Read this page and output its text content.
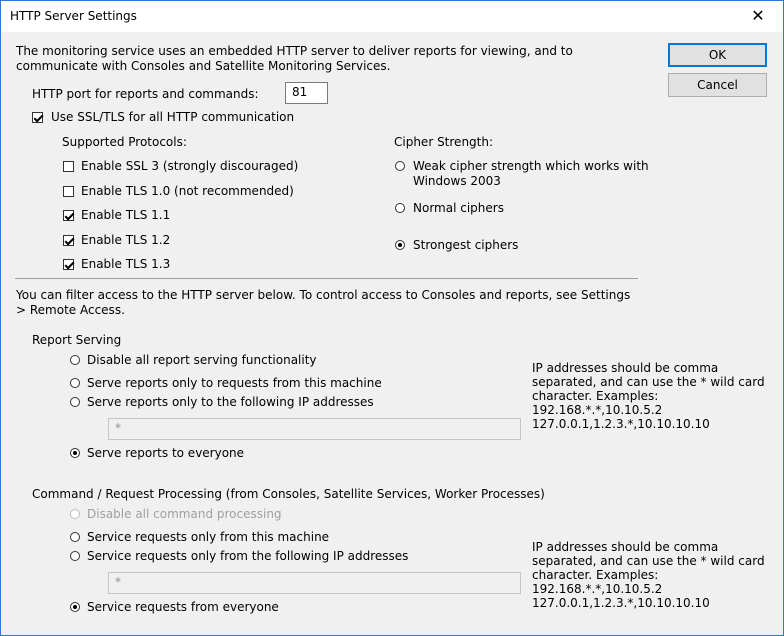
HTTP Server Settings	✕
OK
Cancel
The monitoring service uses an embedded HTTP server to deliver reports for viewing, and to communicate with Consoles and Satellite Monitoring Services.
HTTP port for reports and commands:	81
Use SSL/TLS for all HTTP communication
Supported Protocols:
Enable SSL 3 (strongly discouraged)
Enable TLS 1.0 (not recommended)
Enable TLS 1.1
Enable TLS 1.2
Enable TLS 1.3
Cipher Strength:
Weak cipher strength which works with Windows 2003
Normal ciphers
Strongest ciphers
You can filter access to the HTTP server below. To control access to Consoles and reports, see Settings > Remote Access.
Report Serving
Disable all report serving functionality
Serve reports only to requests from this machine
Serve reports only to the following IP addresses
*
Serve reports to everyone
IP addresses should be comma separated, and can use the * wild card character. Examples: 192.168.*.*,10.10.5.2 127.0.0.1,1.2.3.*,10.10.10.10
Command / Request Processing (from Consoles, Satellite Services, Worker Processes)
Disable all command processing
Service requests only from this machine
Service requests only from the following IP addresses
*
Service requests from everyone
IP addresses should be comma separated, and can use the * wild card character. Examples: 192.168.*.*,10.10.5.2 127.0.0.1,1.2.3.*,10.10.10.10
